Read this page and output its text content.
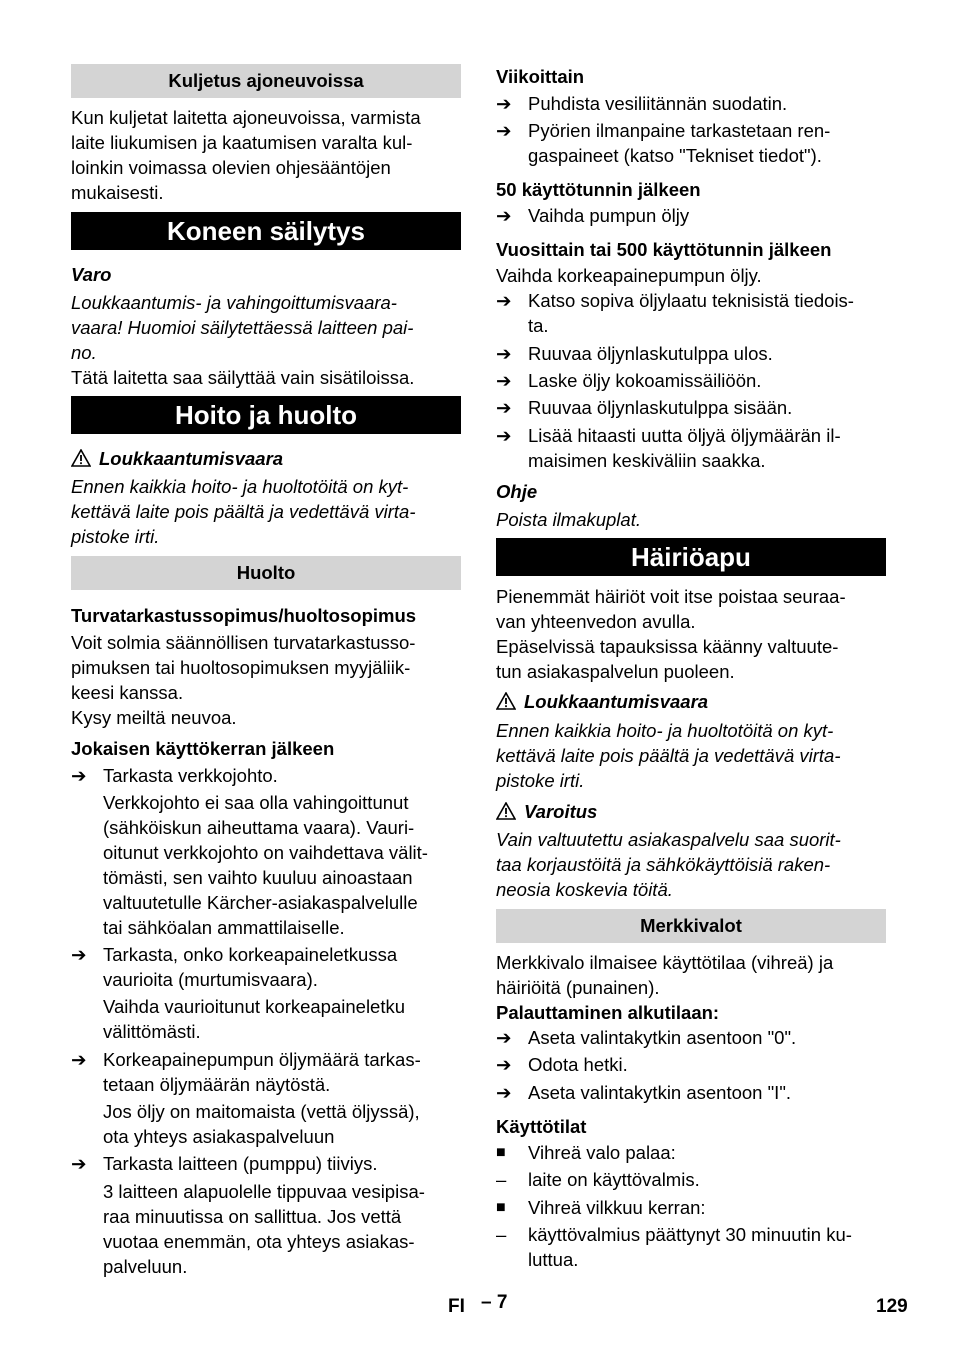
Kuljetus ajoneuvoissa
Kun kuljetat laitetta ajoneuvoissa, varmista
laite liukumisen ja kaatumisen varalta kul-
loinkin voimassa olevien ohjesääntöjen
mukaisesti.
Koneen säilytys
Varo
Loukkaantumis- ja vahingoittumisvaara-
vaara! Huomioi säilytettäessä laitteen pai-
no.
Tätä laitetta saa säilyttää vain sisätiloissa.
Hoito ja huolto
Loukkaantumisvaara
Ennen kaikkia hoito- ja huoltotöitä on kyt-
kettävä laite pois päältä ja vedettävä virta-
pistoke irti.
Huolto
Turvatarkastussopimus/huoltosopimus
Voit solmia säännöllisen turvatarkastusso-
pimuksen tai huoltosopimuksen myyjäliik-
keesi kanssa.
Kysy meiltä neuvoa.
Jokaisen käyttökerran jälkeen
➔ Tarkasta verkkojohto.
Verkkojohto ei saa olla vahingoittunut
(sähköiskun aiheuttama vaara). Vauri-
oitunut verkkojohto on vaihdettava välit-
tömästi, sen vaihto kuuluu ainoastaan
valtuutetulle Kärcher-asiakaspalvelulle
tai sähköalan ammattilaiselle.
➔ Tarkasta, onko korkeapaineletkussa
vaurioita (murtumisvaara).
Vaihda vaurioitunut korkeapaineletku
välittömästi.
➔ Korkeapainepumpun öljymäärä tarkas-
tetaan öljymäärän näytöstä.
Jos öljy on maitomaista (vettä öljyssä),
ota yhteys asiakaspalveluun
➔ Tarkasta laitteen (pumppu) tiiviys.
3 laitteen alapuolelle tippuvaa vesipisa-
raa minuutissa on sallittua. Jos vettä
vuotaa enemmän, ota yhteys asiakas-
palveluun.
Viikoittain
➔ Puhdista vesiliitännän suodatin.
➔ Pyörien ilmanpaine tarkastetaan ren-
gaspaineet (katso "Tekniset tiedot").
50 käyttötunnin jälkeen
➔ Vaihda pumpun öljy
Vuosittain tai 500 käyttötunnin jälkeen
Vaihda korkeapainepumpun öljy.
➔ Katso sopiva öljylaatu teknisistä tiedois-
ta.
➔ Ruuvaa öljynlaskutulppa ulos.
➔ Laske öljy kokoamissäiliöön.
➔ Ruuvaa öljynlaskutulppa sisään.
➔ Lisää hitaasti uutta öljyä öljymäärän il-
maisimen keskiväliin saakka.
Ohje
Poista ilmakuplat.
Häiriöapu
Pienemmät häiriöt voit itse poistaa seuraa-
van yhteenvedon avulla.
Epäselvissä tapauksissa käänny valtuute-
tun asiakaspalvelun puoleen.
Loukkaantumisvaara
Ennen kaikkia hoito- ja huoltotöitä on kyt-
kettävä laite pois päältä ja vedettävä virta-
pistoke irti.
Varoitus
Vain valtuutettu asiakaspalvelu saa suorit-
taa korjaustöitä ja sähkökäyttöisiä raken-
neosia koskevia töitä.
Merkkivalot
Merkkivalo ilmaisee käyttötilaa (vihreä) ja
häiriöitä (punainen).
Palauttaminen alkutilaan:
➔ Aseta valintakytkin asentoon "0".
➔ Odota hetki.
➔ Aseta valintakytkin asentoon "I".
Käyttötilat
■	Vihreä valo palaa:
–	laite on käyttövalmis.
■	Vihreä vilkkuu kerran:
–	käyttövalmius päättynyt 30 minuutin ku-
luttua.
FI – 7	129
